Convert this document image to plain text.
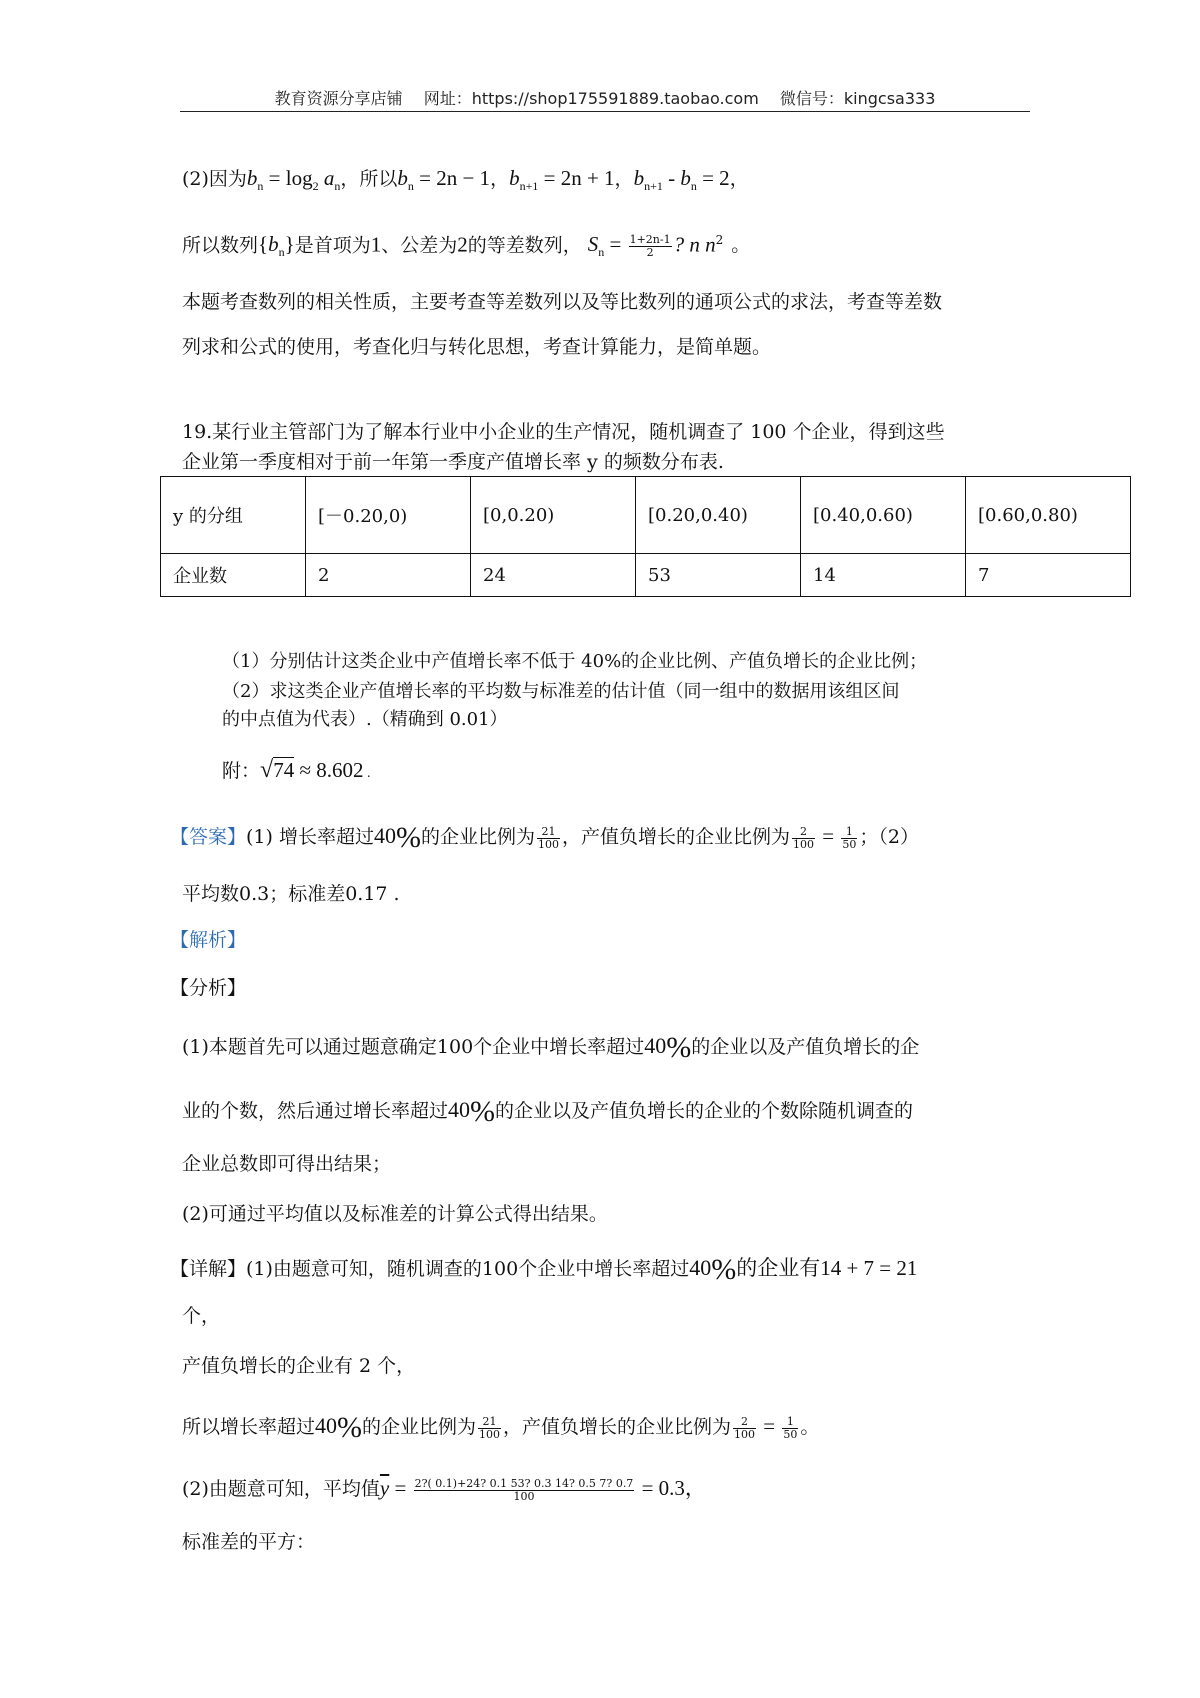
教育资源分享店铺 网址：https://shop175591889.taobao.com 微信号：kingcsa333
(2)因为$b_n = \log_2 a_n$，所以$b_n = 2n - 1$，$b_{n+1} = 2n + 1$，$b_{n+1} - b_n = 2$，
所以数列$\{b_n\}$是首项为1、公差为2的等差数列， $S_n = \frac{1+2n-1}{2}$ ? n $n^2$ 。
本题考查数列的相关性质，主要考查等差数列以及等比数列的通项公式的求法，考查等差数
列求和公式的使用，考查化归与转化思想，考查计算能力，是简单题。
19.某行业主管部门为了解本行业中小企业的生产情况，随机调查了 100 个企业，得到这些
企业第一季度相对于前一年第一季度产值增长率 y 的频数分布表.
y 的分组	[－0.20,0)	[0,0.20)	[0.20,0.40)	[0.40,0.60)	[0.60,0.80)
企业数	2	24	53	14	7
（1）分别估计这类企业中产值增长率不低于 40%的企业比例、产值负增长的企业比例；
（2）求这类企业产值增长率的平均数与标准差的估计值（同一组中的数据用该组区间
的中点值为代表）.（精确到 0.01）
附：√74 ≈ 8.602 .
【答案】(1) 增长率超过40%的企业比例为 $\frac{21}{100}$ ，产值负增长的企业比例为 $\frac{2}{100} = \frac{1}{50}$ ；（2）
平均数0.3；标准差0.17 .
【解析】
【分析】
(1)本题首先可以通过题意确定100个企业中增长率超过40%的企业以及产值负增长的企
业的个数，然后通过增长率超过40%的企业以及产值负增长的企业的个数除随机调查的
企业总数即可得出结果；
(2)可通过平均值以及标准差的计算公式得出结果。
【详解】(1)由题意可知，随机调查的100个企业中增长率超过40%的企业有14 + 7 = 21
个，
产值负增长的企业有 2 个，
所以增长率超过40%的企业比例为 $\frac{21}{100}$ ，产值负增长的企业比例为 $\frac{2}{100} = \frac{1}{50}$ 。
(2)由题意可知，平均值$\overline{y} = \frac{2?( 0.1)+24? 0.1 53? 0.3 14? 0.5 7? 0.7}{100} = 0.3$，
标准差的平方：
